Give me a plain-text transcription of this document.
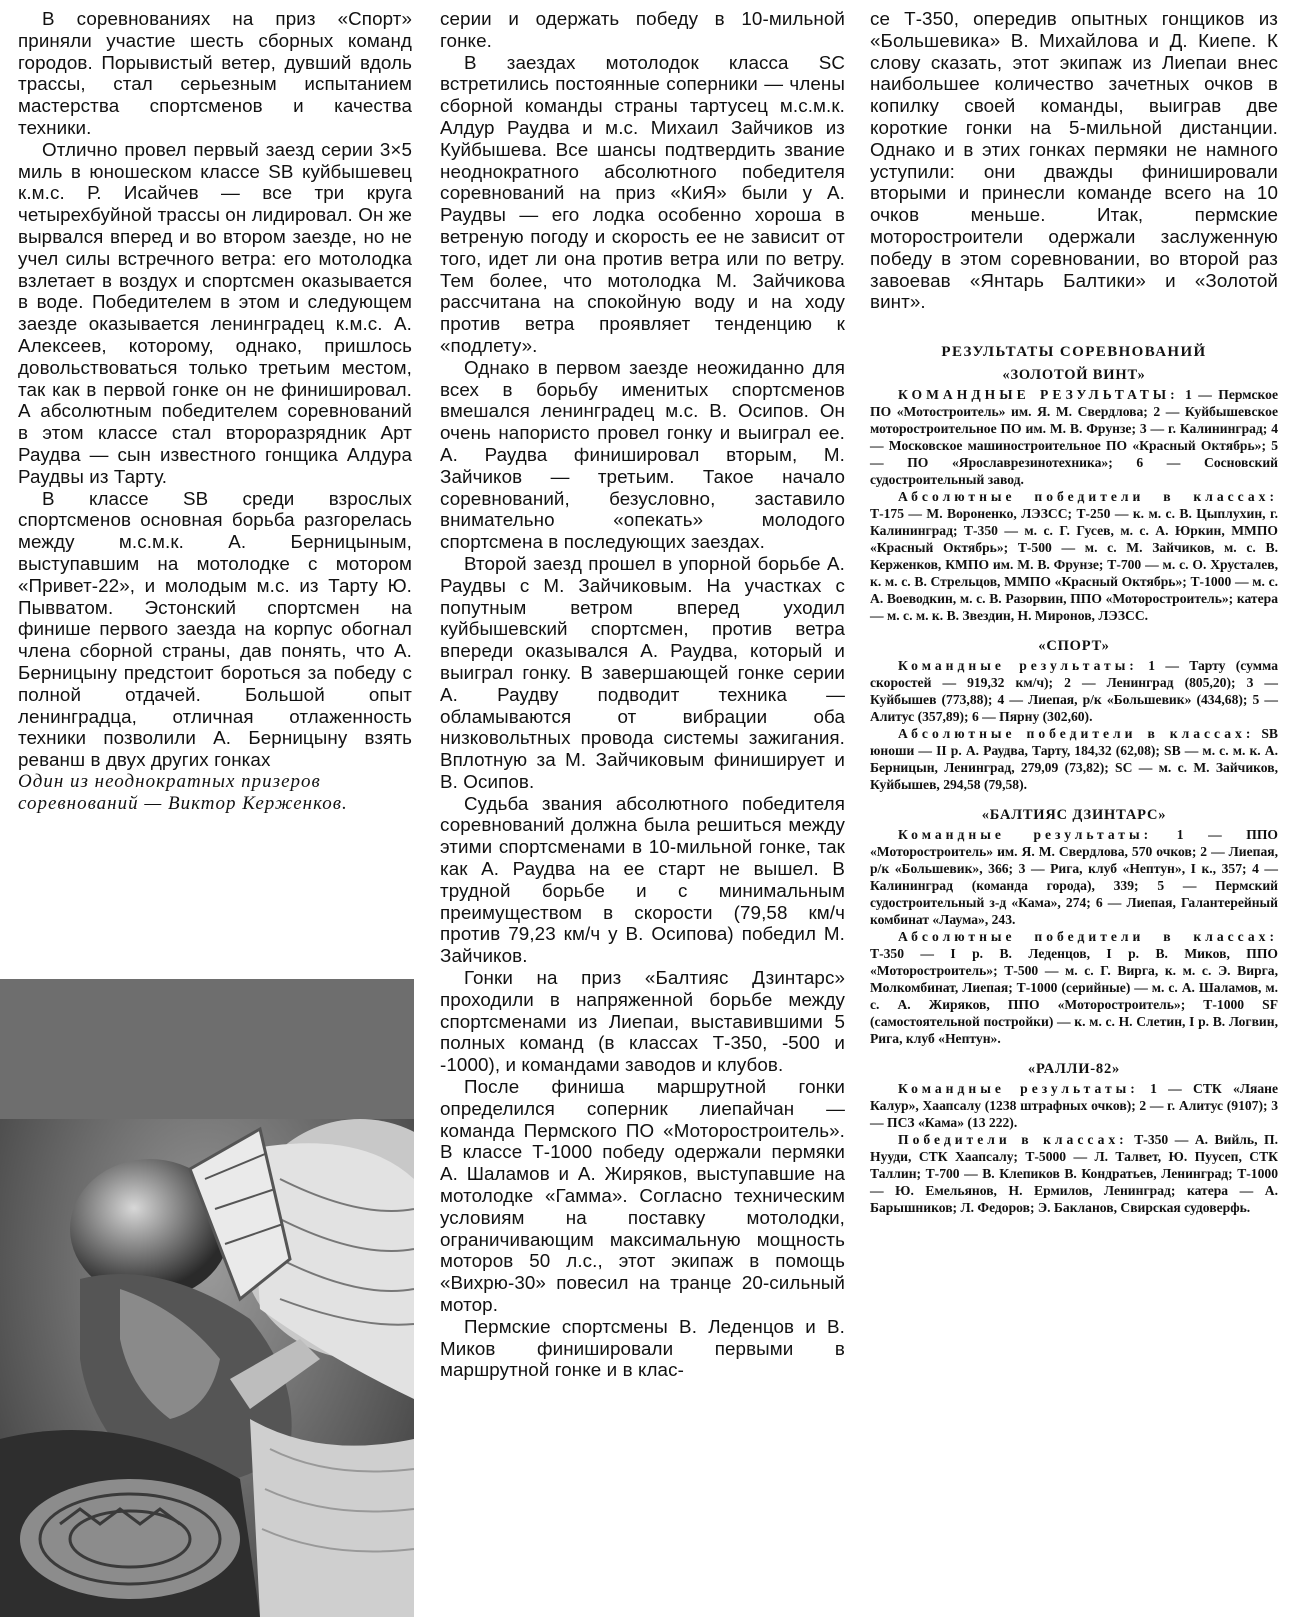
В соревнованиях на приз «Спорт» приняли участие шесть сборных команд городов. Порывистый ветер, дувший вдоль трассы, стал серьезным испытанием мастерства спортсменов и качества техники.

Отлично провел первый заезд серии 3×5 миль в юношеском классе SB куйбышевец к.м.с. Р. Исайчев — все три круга четырехбуйной трассы он лидировал. Он же вырвался вперед и во втором заезде, но не учел силы встречного ветра: его мотолодка взлетает в воздух и спортсмен оказывается в воде. Победителем в этом и следующем заезде оказывается ленинградец к.м.с. А. Алексеев, которому, однако, пришлось довольствоваться только третьим местом, так как в первой гонке он не финишировал. А абсолютным победителем соревнований в этом классе стал второразрядник Арт Раудва — сын известного гонщика Алдура Раудвы из Тарту.

В классе SB среди взрослых спортсменов основная борьба разгорелась между м.с.м.к. А. Берницыным, выступавшим на мотолодке с мотором «Привет-22», и молодым м.с. из Тарту Ю. Пыввaтом. Эстонский спортсмен на финише первого заезда на корпус обогнал члена сборной страны, дав понять, что А. Берницыну предстоит бороться за победу с полной отдачей. Большой опыт ленинградца, отличная отлаженность техники позволили А. Берницыну взять реванш в двух других гонках

Один из неоднократных призеров соревнований — Виктор Керженков.

серии и одержать победу в 10-мильной гонке.

В заездах мотолодок класса SC встретились постоянные соперники — члены сборной команды страны тартусец м.с.м.к. Алдур Раудва и м.с. Михаил Зайчиков из Куйбышева. Все шансы подтвердить звание неоднократного абсолютного победителя соревнований на приз «КиЯ» были у А. Раудвы — его лодка особенно хороша в ветреную погоду и скорость ее не зависит от того, идет ли она против ветра или по ветру. Тем более, что мотолодка М. Зайчикова рассчитана на спокойную воду и на ходу против ветра проявляет тенденцию к «подлету».

Однако в первом заезде неожиданно для всех в борьбу именитых спортсменов вмешался ленинградец м.с. В. Осипов. Он очень напористо провел гонку и выиграл ее. А. Раудва финишировал вторым, М. Зайчиков — третьим. Такое начало соревнований, безусловно, заставило внимательно «опекать» молодого спортсмена в последующих заездах.

Второй заезд прошел в упорной борьбе А. Раудвы с М. Зайчиковым. На участках с попутным ветром вперед уходил куйбышевский спортсмен, против ветра впереди оказывался А. Раудва, который и выиграл гонку. В завершающей гонке серии А. Раудву подводит техника — обламываются от вибрации оба низковольтных провода системы зажигания. Вплотную за М. Зайчиковым финиширует и В. Осипов.

Судьба звания абсолютного победителя соревнований должна была решиться между этими спортсменами в 10-мильной гонке, так как А. Раудва на ее старт не вышел. В трудной борьбе и с минимальным преимуществом в скорости (79,58 км/ч против 79,23 км/ч у В. Осипова) победил М. Зайчиков.

Гонки на приз «Балтияс Дзинтарс» проходили в напряженной борьбе между спортсменами из Лиепаи, выставившими 5 полных команд (в классах Т-350, -500 и -1000), и командами заводов и клубов.

После финиша маршрутной гонки определился соперник лиепайчан — команда Пермского ПО «Моторостроитель». В классе Т-1000 победу одержали пермяки А. Шаламов и А. Жиряков, выступавшие на мотолодке «Гамма». Согласно техническим условиям на поставку мотолодки, ограничивающим максимальную мощность моторов 50 л.с., этот экипаж в помощь «Вихрю-30» повесил на транце 20-сильный мотор.

Пермские спортсмены В. Леденцов и В. Миков финишировали первыми в маршрутной гонке и в клас-

се Т-350, опередив опытных гонщиков из «Большевика» В. Михайлова и Д. Киепе. К слову сказать, этот экипаж из Лиепаи внес наибольшее количество зачетных очков в копилку своей команды, выиграв две короткие гонки на 5-мильной дистанции. Однако и в этих гонках пермяки не намного уступили: они дважды финишировали вторыми и принесли команде всего на 10 очков меньше. Итак, пермские моторостроители одержали заслуженную победу в этом соревновании, во второй раз завоевав «Янтарь Балтики» и «Золотой винт».

РЕЗУЛЬТАТЫ СОРЕВНОВАНИЙ

«ЗОЛОТОЙ ВИНТ»

КОМАНДНЫЕ РЕЗУЛЬТАТЫ: 1 — Пермское ПО «Мотостроитель» им. Я. М. Свердлова; 2 — Куйбышевское моторостроительное ПО им. М. В. Фрунзе; 3 — г. Калининград; 4 — Московское машиностроительное ПО «Красный Октябрь»; 5 — ПО «Ярославрезинотехника»; 6 — Сосновский судостроительный завод.

Абсолютные победители в классах: Т-175 — М. Вороненко, ЛЭЗСС; Т-250 — к. м. с. В. Цыплухин, г. Калининград; Т-350 — м. с. Г. Гусев, м. с. А. Юркин, ММПО «Красный Октябрь»; Т-500 — м. с. М. Зайчиков, м. с. В. Керженков, КМПО им. М. В. Фрунзе; Т-700 — м. с. О. Хрусталев, к. м. с. В. Стрельцов, ММПО «Красный Октябрь»; Т-1000 — м. с. А. Воеводкин, м. с. В. Разорвин, ППО «Моторостроитель»; катера — м. с. м. к. В. Звездин, Н. Миронов, ЛЭЗСС.

«СПОРТ»

Командные результаты: 1 — Тарту (сумма скоростей — 919,32 км/ч); 2 — Ленинград (805,20); 3 — Куйбышев (773,88); 4 — Лиепая, р/к «Большевик» (434,68); 5 — Алитус (357,89); 6 — Пярну (302,60).

Абсолютные победители в классах: SB юноши — II р. А. Раудва, Тарту, 184,32 (62,08); SB — м. с. м. к. А. Берницын, Ленинград, 279,09 (73,82); SC — м. с. М. Зайчиков, Куйбышев, 294,58 (79,58).

«БАЛТИЯС ДЗИНТАРС»

Командные результаты: 1 — ППО «Моторостроитель» им. Я. М. Свердлова, 570 очков; 2 — Лиепая, р/к «Большевик», 366; 3 — Рига, клуб «Нептун», I к., 357; 4 — Калининград (команда города), 339; 5 — Пермский судостроительный з-д «Кама», 274; 6 — Лиепая, Галантерейный комбинат «Лаума», 243.

Абсолютные победители в классах: Т-350 — I р. В. Леденцов, I р. В. Миков, ППО «Моторостроитель»; Т-500 — м. с. Г. Вирга, к. м. с. Э. Вирга, Молкомбинат, Лиепая; Т-1000 (серийные) — м. с. А. Шаламов, м. с. А. Жиряков, ППО «Моторостроитель»; Т-1000 SF (самостоятельной постройки) — к. м. с. Н. Слетин, I р. В. Логвин, Рига, клуб «Нептун».

«РАЛЛИ-82»

Командные результаты: 1 — СТК «Ляане Калур», Хаапсалу (1238 штрафных очков); 2 — г. Алитус (9107); 3 — ПСЗ «Кама» (13 222).

Победители в классах: Т-350 — А. Вийль, П. Нууди, СТК Хаапсалу; Т-5000 — Л. Талвет, Ю. Пуусеп, СТК Таллин; Т-700 — В. Клепиков В. Кондратьев, Ленинград; Т-1000 — Ю. Емельянов, Н. Ермилов, Ленинград; катера — А. Барышников; Л. Федоров; Э. Бакланов, Свирская судоверфь.
